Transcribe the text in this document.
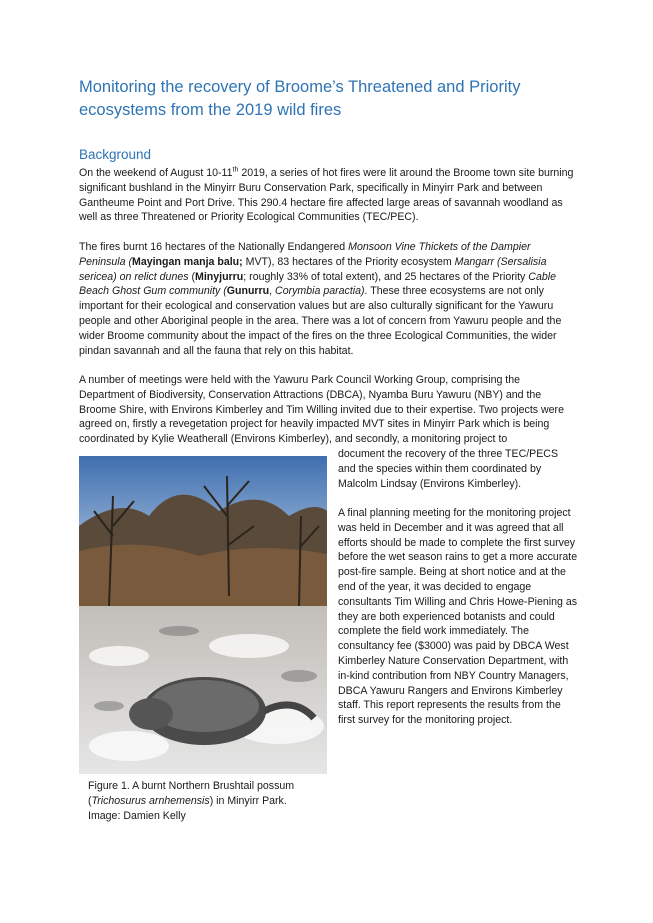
Monitoring the recovery of Broome’s Threatened and Priority ecosystems from the 2019 wild fires
Background

On the weekend of August 10-11th 2019, a series of hot fires were lit around the Broome town site burning significant bushland in the Minyirr Buru Conservation Park, specifically in Minyirr Park and between Gantheume Point and Port Drive. This 290.4 hectare fire affected large areas of savannah woodland as well as three Threatened or Priority Ecological Communities (TEC/PEC).

The fires burnt 16 hectares of the Nationally Endangered Monsoon Vine Thickets of the Dampier Peninsula (Mayingan manja balu; MVT), 83 hectares of the Priority ecosystem Mangarr (Sersalisia sericea) on relict dunes (Minyjurru; roughly 33% of total extent), and 25 hectares of the Priority Cable Beach Ghost Gum community (Gunurru, Corymbia paractia). These three ecosystems are not only important for their ecological and conservation values but are also culturally significant for the Yawuru people and other Aboriginal people in the area. There was a lot of concern from Yawuru people and the wider Broome community about the impact of the fires on the three Ecological Communities, the wider pindan savannah and all the fauna that rely on this habitat.

A number of meetings were held with the Yawuru Park Council Working Group, comprising the Department of Biodiversity, Conservation Attractions (DBCA), Nyamba Buru Yawuru (NBY) and the Broome Shire, with Environs Kimberley and Tim Willing invited due to their expertise. Two projects were agreed on, firstly a revegetation project for heavily impacted MVT sites in Minyirr Park which is being coordinated by Kylie Weatherall (Environs Kimberley), and secondly, a monitoring project to

document the recovery of the three TEC/PECS and the species within them coordinated by Malcolm Lindsay (Environs Kimberley).

A final planning meeting for the monitoring project was held in December and it was agreed that all efforts should be made to complete the first survey before the wet season rains to get a more accurate post-fire sample. Being at short notice and at the end of the year, it was decided to engage consultants Tim Willing and Chris Howe-Piening as they are both experienced botanists and could complete the field work immediately. The consultancy fee ($3000) was paid by DBCA West Kimberley Nature Conservation Department, with in-kind contribution from NBY Country Managers, DBCA Yawuru Rangers and Environs Kimberley staff. This report represents the results from the first survey for the monitoring project.

Figure 1. A burnt Northern Brushtail possum
(Trichosurus arnhemensis) in Minyirr Park.
Image: Damien Kelly
